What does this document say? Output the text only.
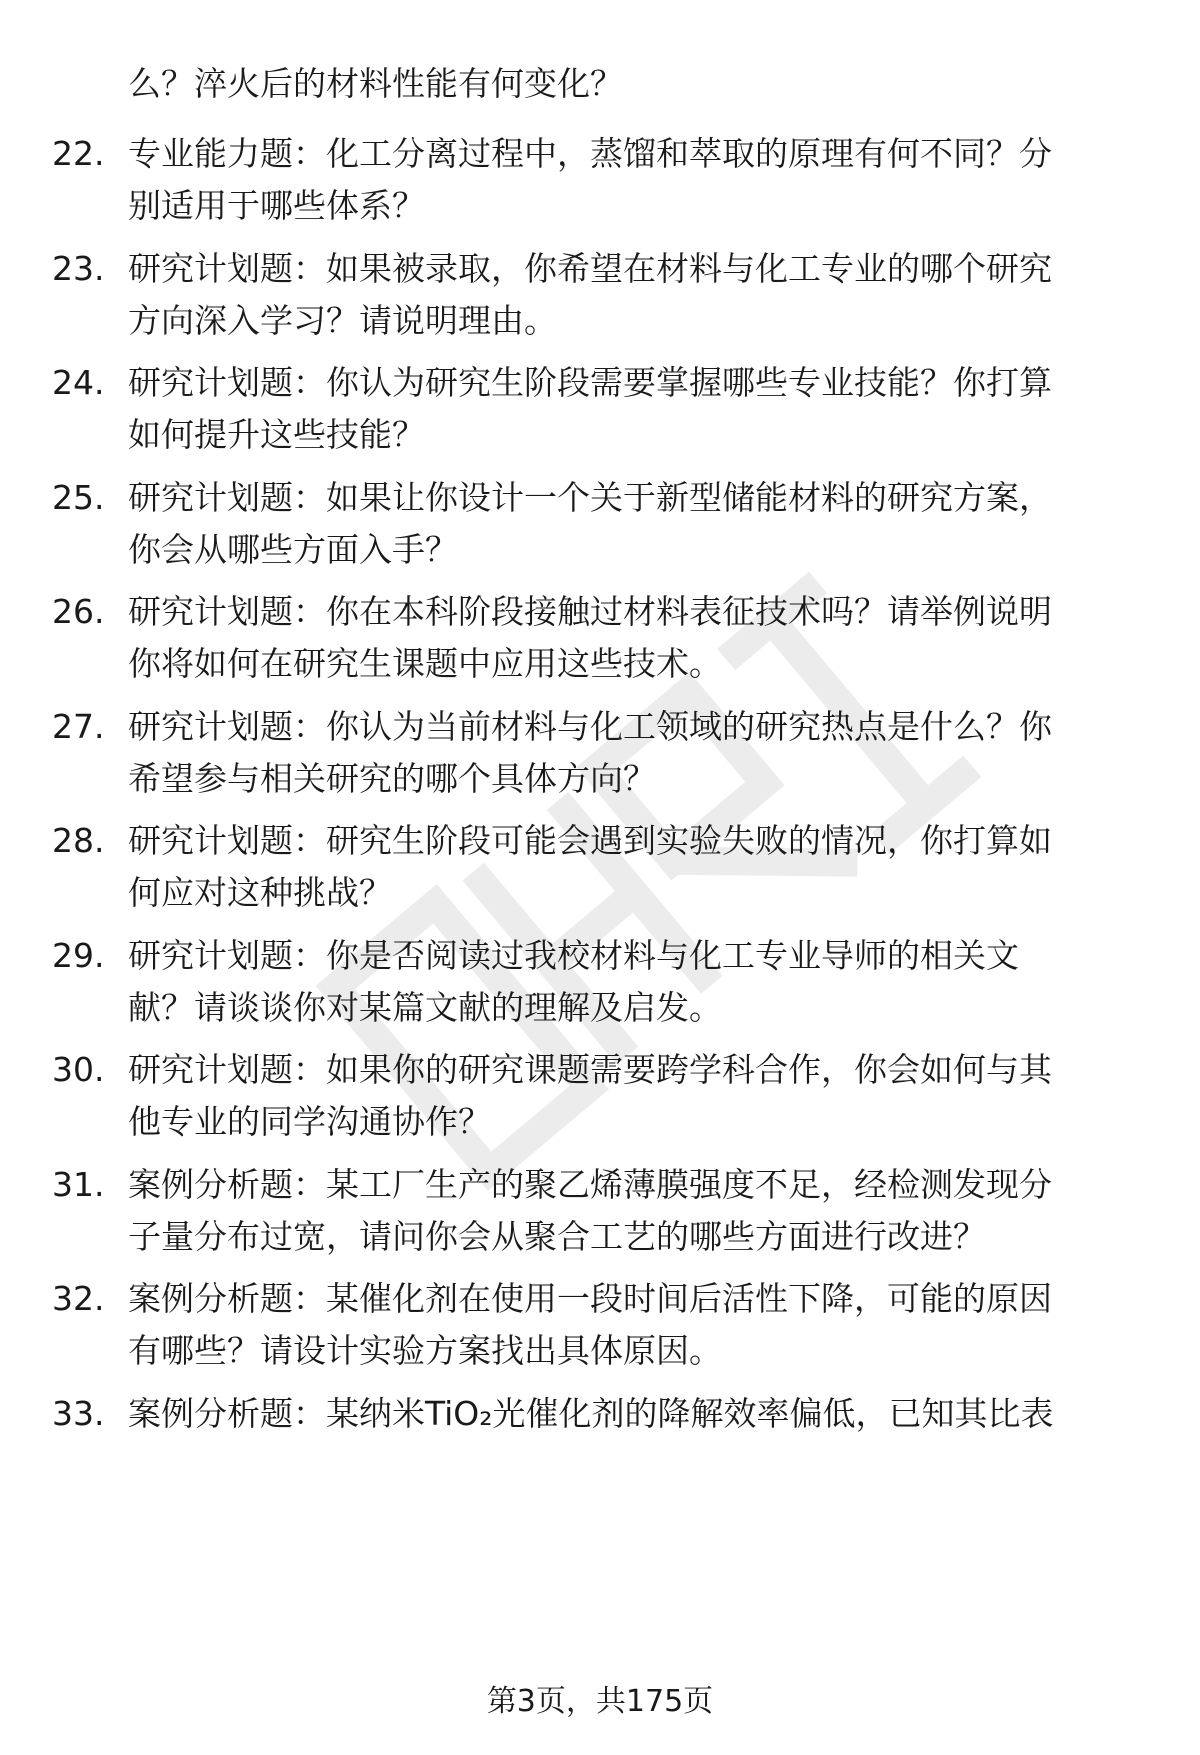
么？淬火后的材料性能有何变化？
22. 专业能力题：化工分离过程中，蒸馏和萃取的原理有何不同？分
别适用于哪些体系？
23. 研究计划题：如果被录取，你希望在材料与化工专业的哪个研究
方向深入学习？请说明理由。
24. 研究计划题：你认为研究生阶段需要掌握哪些专业技能？你打算
如何提升这些技能？
25. 研究计划题：如果让你设计一个关于新型储能材料的研究方案，
你会从哪些方面入手？
26. 研究计划题：你在本科阶段接触过材料表征技术吗？请举例说明
你将如何在研究生课题中应用这些技术。
27. 研究计划题：你认为当前材料与化工领域的研究热点是什么？你
希望参与相关研究的哪个具体方向？
28. 研究计划题：研究生阶段可能会遇到实验失败的情况，你打算如
何应对这种挑战？
29. 研究计划题：你是否阅读过我校材料与化工专业导师的相关文
献？请谈谈你对某篇文献的理解及启发。
30. 研究计划题：如果你的研究课题需要跨学科合作，你会如何与其
他专业的同学沟通协作？
31. 案例分析题：某工厂生产的聚乙烯薄膜强度不足，经检测发现分
子量分布过宽，请问你会从聚合工艺的哪些方面进行改进？
32. 案例分析题：某催化剂在使用一段时间后活性下降，可能的原因
有哪些？请设计实验方案找出具体原因。
33. 案例分析题：某纳米TiO₂光催化剂的降解效率偏低，已知其比表
第3页，共175页
